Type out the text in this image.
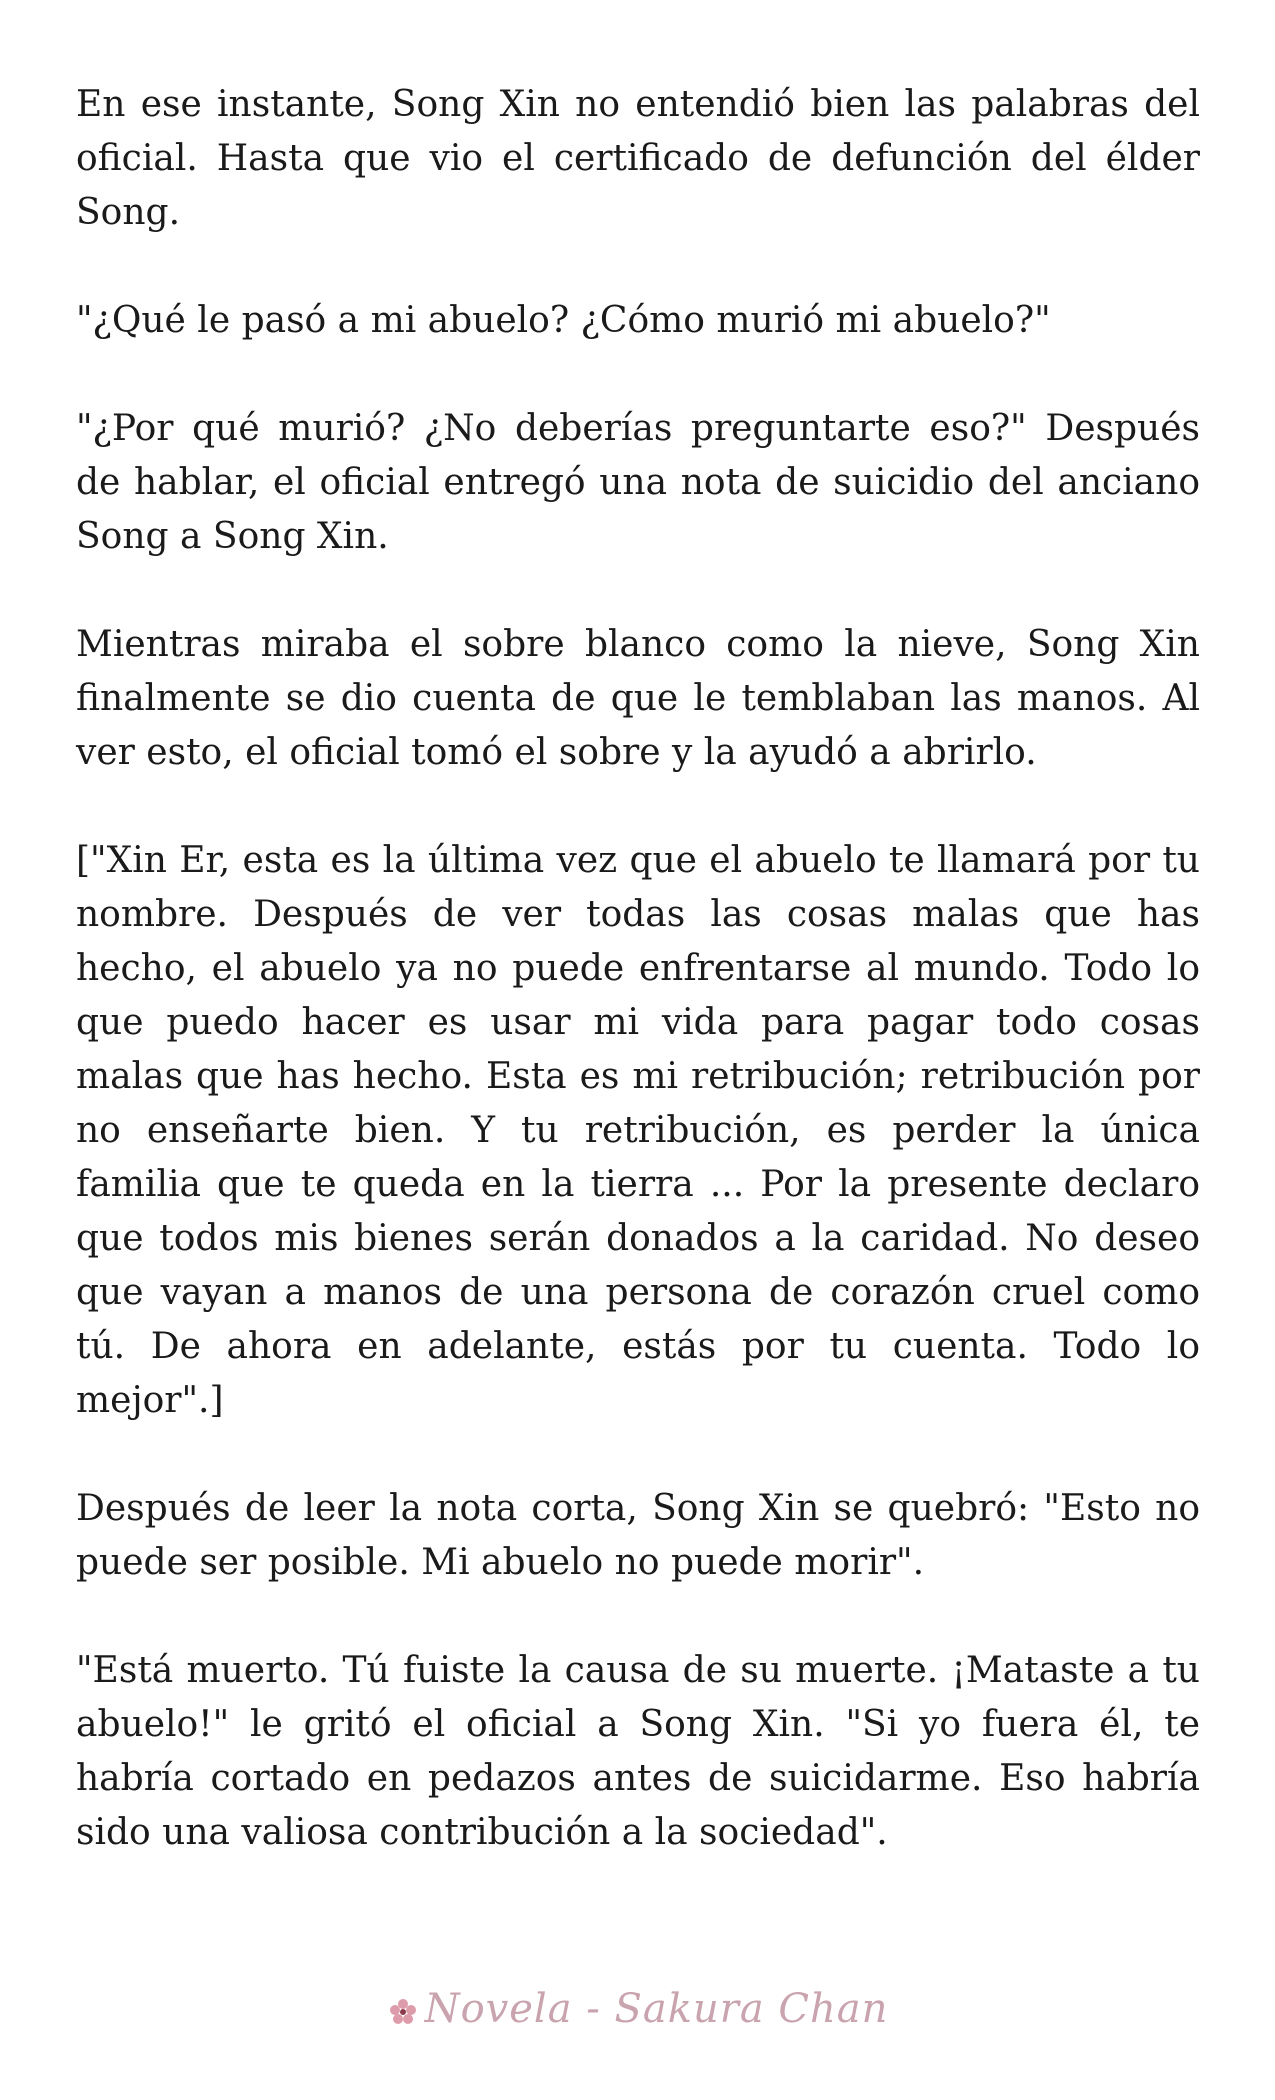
En ese instante, Song Xin no entendió bien las palabras del oficial. Hasta que vio el certificado de defunción del élder Song.

"¿Qué le pasó a mi abuelo? ¿Cómo murió mi abuelo?"

"¿Por qué murió? ¿No deberías preguntarte eso?" Después de hablar, el oficial entregó una nota de suicidio del anciano Song a Song Xin.

Mientras miraba el sobre blanco como la nieve, Song Xin finalmente se dio cuenta de que le temblaban las manos. Al ver esto, el oficial tomó el sobre y la ayudó a abrirlo.

["Xin Er, esta es la última vez que el abuelo te llamará por tu nombre. Después de ver todas las cosas malas que has hecho, el abuelo ya no puede enfrentarse al mundo. Todo lo que puedo hacer es usar mi vida para pagar todo cosas malas que has hecho. Esta es mi retribución; retribución por no enseñarte bien. Y tu retribución, es perder la única familia que te queda en la tierra ... Por la presente declaro que todos mis bienes serán donados a la caridad. No deseo que vayan a manos de una persona de corazón cruel como tú. De ahora en adelante, estás por tu cuenta. Todo lo mejor".]

Después de leer la nota corta, Song Xin se quebró: "Esto no puede ser posible. Mi abuelo no puede morir".

"Está muerto. Tú fuiste la causa de su muerte. ¡Mataste a tu abuelo!" le gritó el oficial a Song Xin. "Si yo fuera él, te habría cortado en pedazos antes de suicidarme. Eso habría sido una valiosa contribución a la sociedad".

Novela - Sakura Chan
